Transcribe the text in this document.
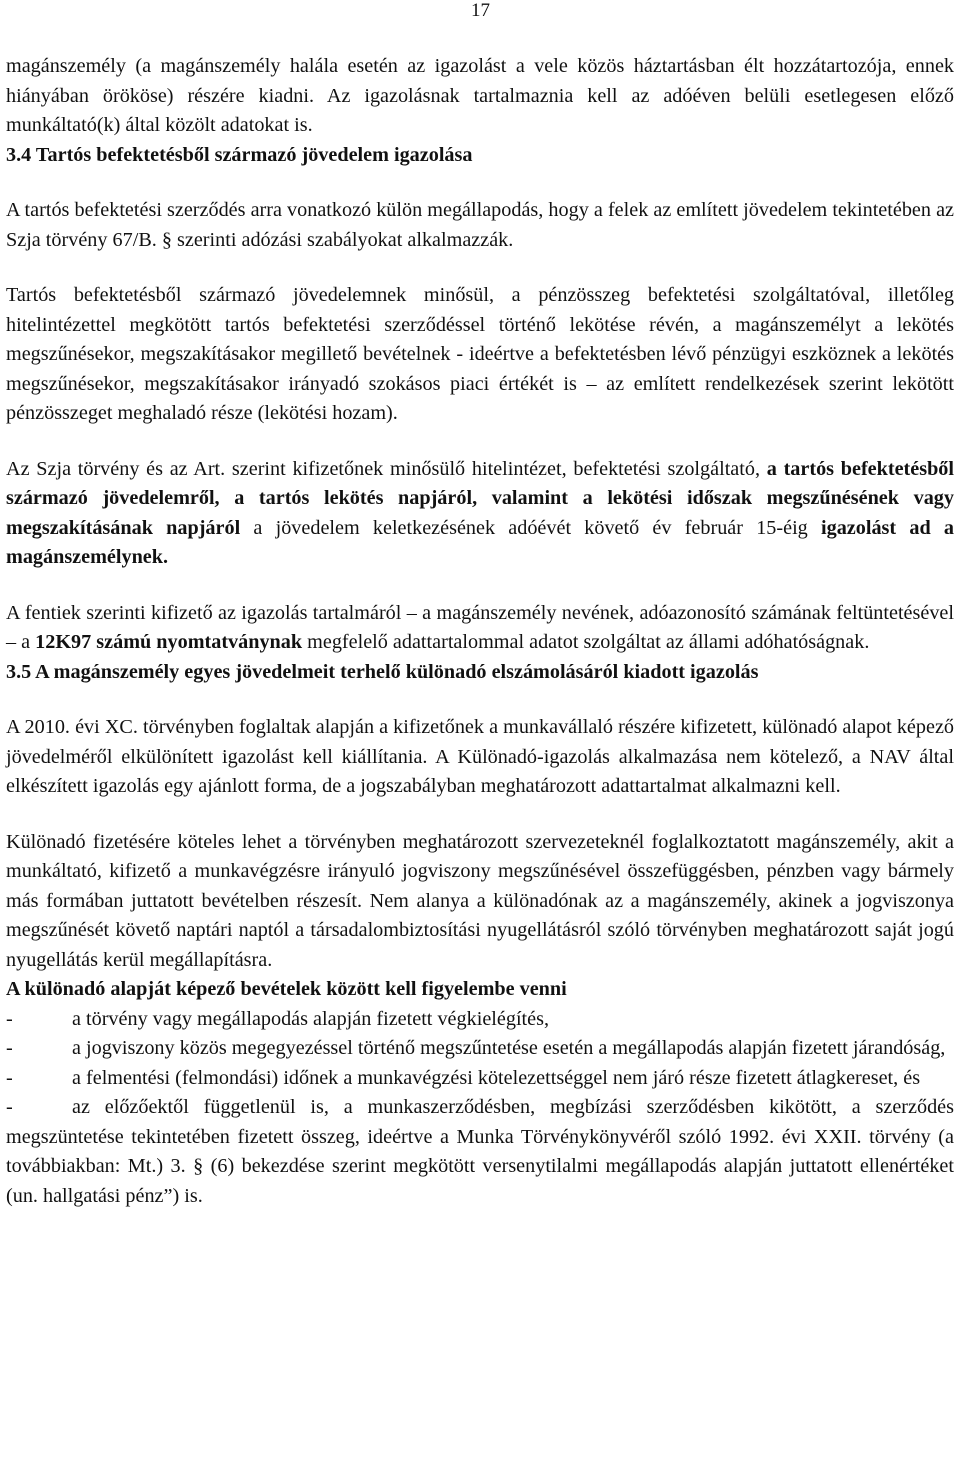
17

magánszemély (a magánszemély halála esetén az igazolást a vele közös háztartásban élt hozzátartozója, ennek hiányában örököse) részére kiadni. Az igazolásnak tartalmaznia kell az adóéven belüli esetlegesen előző munkáltató(k) által közölt adatokat is.

3.4 Tartós befektetésből származó jövedelem igazolása

A tartós befektetési szerződés arra vonatkozó külön megállapodás, hogy a felek az említett jövedelem tekintetében az Szja törvény 67/B. § szerinti adózási szabályokat alkalmazzák.

Tartós befektetésből származó jövedelemnek minősül, a pénzösszeg befektetési szolgáltatóval, illetőleg hitelintézettel megkötött tartós befektetési szerződéssel történő lekötése révén, a magánszemélyt a lekötés megszűnésekor, megszakításakor megillető bevételnek - ideértve a befektetésben lévő pénzügyi eszköznek a lekötés megszűnésekor, megszakításakor irányadó szokásos piaci értékét is – az említett rendelkezések szerint lekötött pénzösszeget meghaladó része (lekötési hozam).

Az Szja törvény és az Art. szerint kifizetőnek minősülő hitelintézet, befektetési szolgáltató, a tartós befektetésből származó jövedelemről, a tartós lekötés napjáról, valamint a lekötési időszak megszűnésének vagy megszakításának napjáról a jövedelem keletkezésének adóévét követő év február 15-éig igazolást ad a magánszemélynek.

A fentiek szerinti kifizető az igazolás tartalmáról – a magánszemély nevének, adóazonosító számának feltüntetésével – a 12K97 számú nyomtatványnak megfelelő adattartalommal adatot szolgáltat az állami adóhatóságnak.

3.5 A magánszemély egyes jövedelmeit terhelő különadó elszámolásáról kiadott igazolás

A 2010. évi XC. törvényben foglaltak alapján a kifizetőnek a munkavállaló részére kifizetett, különadó alapot képező jövedelméről elkülönített igazolást kell kiállítania. A Különadó-igazolás alkalmazása nem kötelező, a NAV által elkészített igazolás egy ajánlott forma, de a jogszabályban meghatározott adattartalmat alkalmazni kell.

Különadó fizetésére köteles lehet a törvényben meghatározott szervezeteknél foglalkoztatott magánszemély, akit a munkáltató, kifizető a munkavégzésre irányuló jogviszony megszűnésével összefüggésben, pénzben vagy bármely más formában juttatott bevételben részesít. Nem alanya a különadónak az a magánszemély, akinek a jogviszonya megszűnését követő naptári naptól a társadalombiztosítási nyugellátásról szóló törvényben meghatározott saját jogú nyugellátás kerül megállapításra.

A különadó alapját képező bevételek között kell figyelembe venni

-	a törvény vagy megállapodás alapján fizetett végkielégítés,

-	a jogviszony közös megegyezéssel történő megszűntetése esetén a megállapodás alapján fizetett járandóság,

-	a felmentési (felmondási) időnek a munkavégzési kötelezettséggel nem járó része fizetett átlagkereset, és

-	az előzőektől függetlenül is, a munkaszerződésben, megbízási szerződésben kikötött, a szerződés megszüntetése tekintetében fizetett összeg, ideértve a Munka Törvénykönyvéről szóló 1992. évi XXII. törvény (a továbbiakban: Mt.) 3. § (6) bekezdése szerint megkötött versenytilalmi megállapodás alapján juttatott ellenértéket (un. hallgatási pénz”) is.
